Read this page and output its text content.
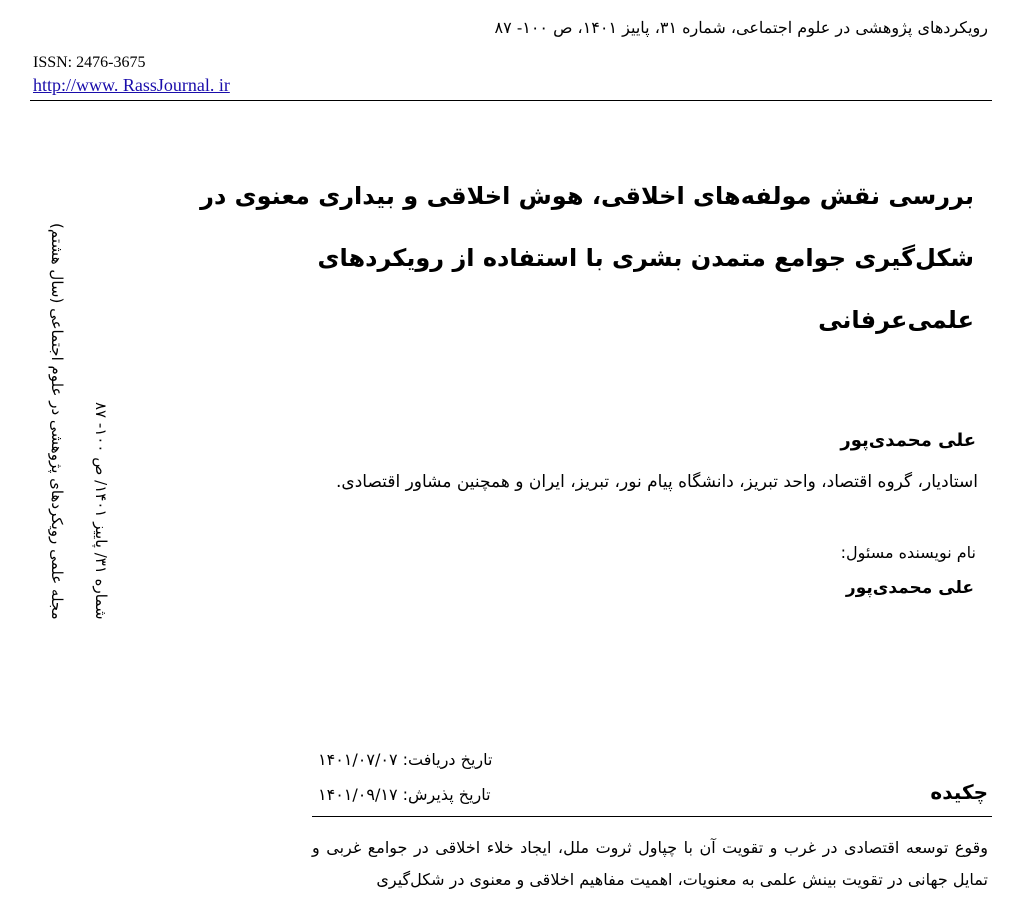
رویکردهای پژوهشی در علوم اجتماعی، شماره ۳۱، پاییز ۱۴۰۱، ص ۱۰۰- ۸۷
ISSN: 2476-3675
http://www. RassJournal. ir
مجله علمی رویکردهای پژوهشی در علوم اجتماعی (سال هشتم) شماره ۳۱/ پاییز ۱۴۰۱/ ص ۱۰۰- ۸۷
بررسی نقش مولفه‌های اخلاقی، هوش اخلاقی و بیداری معنوی در
شکل‌گیری جوامع متمدن بشری با استفاده از رویکردهای علمی‌عرفانی
علی محمدی‌پور
استادیار، گروه اقتصاد، واحد تبریز، دانشگاه پیام نور، تبریز، ایران و همچنین مشاور اقتصادی.
نام نویسنده مسئول:
علی محمدی‌پور
تاریخ دریافت: ۱۴۰۱/۰۷/۰۷
تاریخ پذیرش: ۱۴۰۱/۰۹/۱۷	چکیده
وقوع توسعه اقتصادی در غرب و تقویت آن با چپاول ثروت ملل، ایجاد خلاء اخلاقی در جوامع غربی و تمایل جهانی در تقویت بینش علمی به معنویات، اهمیت مفاهیم اخلاقی و معنوی در شکل‌گیری
